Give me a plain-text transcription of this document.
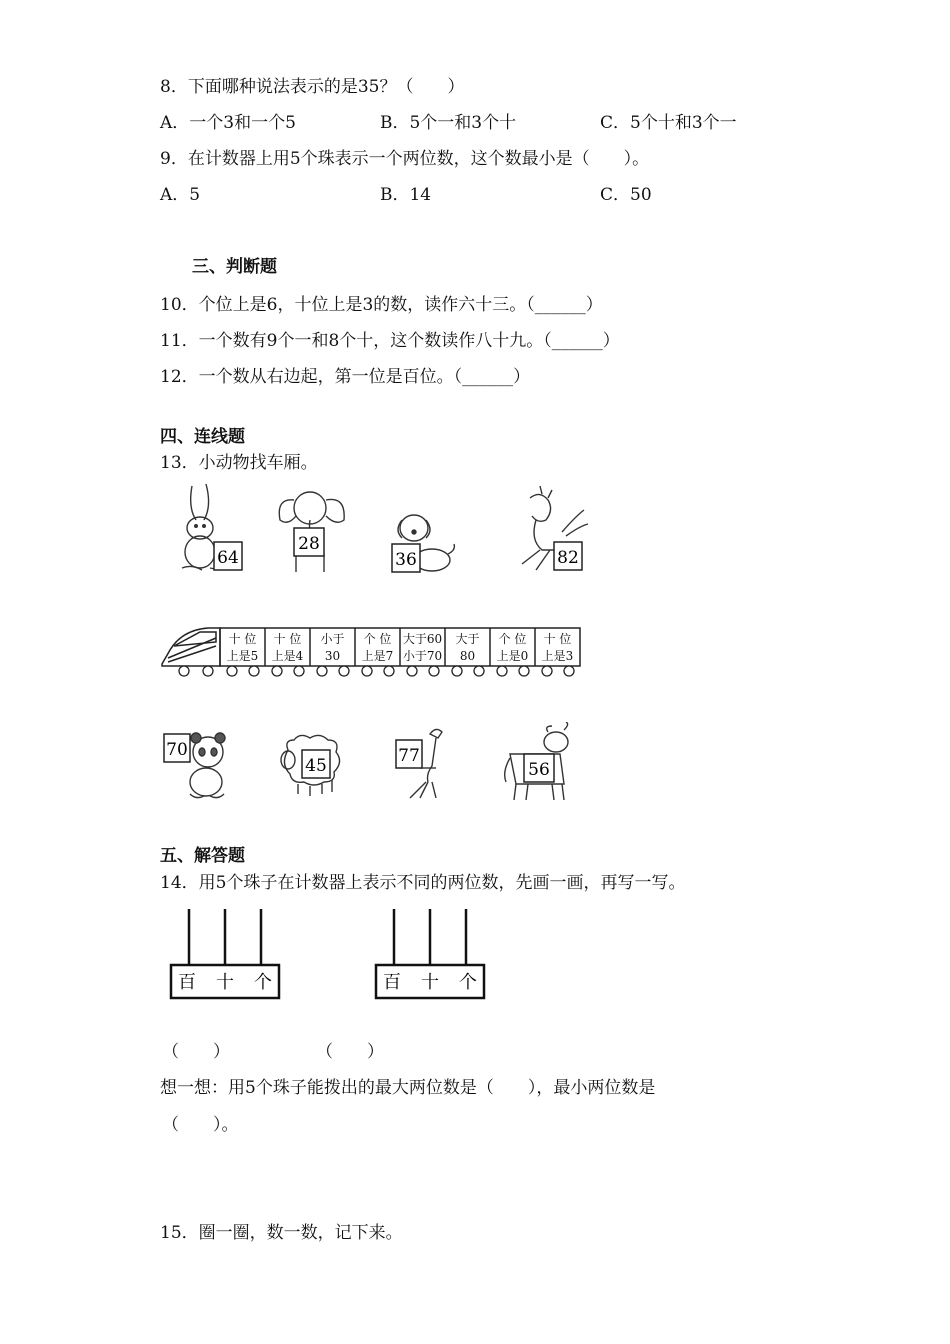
8．下面哪种说法表示的是35？（　　）
A．一个3和一个5	B．5个一和3个十	C．5个十和3个一
9．在计数器上用5个珠表示一个两位数，这个数最小是（　　）。
A．5	B．14	C．50
三、判断题
10．个位上是6，十位上是3的数，读作六十三。（______）
11．一个数有9个一和8个十，这个数读作八十九。（______）
12．一个数从右边起，第一位是百位。（______）
四、连线题
13．小动物找车厢。
64
28
36	82
十 位
上是5
十 位
上是4
小于
30
个 位
上是7
大于60
小于70
大于
80
个 位
上是0
十 位
上是3
70
45	77
56
五、解答题
14．用5个珠子在计数器上表示不同的两位数，先画一画，再写一写。
百 十 个	百 十 个
（　　）	（　　）
想一想：用5个珠子能拨出的最大两位数是（　　），最小两位数是
（　　）。
15．圈一圈，数一数，记下来。
